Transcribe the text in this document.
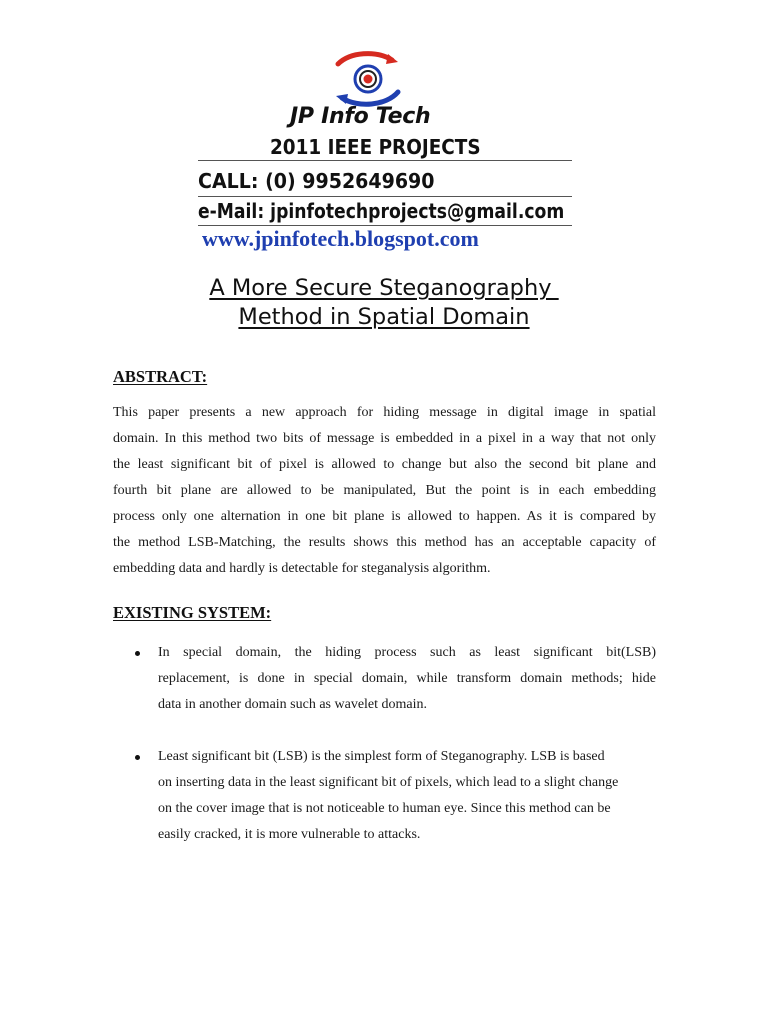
JP Info Tech
2011 IEEE PROJECTS
CALL: (0) 9952649690
e-Mail: jpinfotechprojects@gmail.com
www.jpinfotech.blogspot.com
A More Secure Steganography
Method in Spatial Domain
ABSTRACT:
This paper presents a new approach for hiding message in digital image in spatial
domain. In this method two bits of message is embedded in a pixel in a way that not only
the least significant bit of pixel is allowed to change but also the second bit plane and
fourth bit plane are allowed to be manipulated, But the point is in each embedding
process only one alternation in one bit plane is allowed to happen. As it is compared by
the method LSB-Matching, the results shows this method has an acceptable capacity of
embedding data and hardly is detectable for steganalysis algorithm.
EXISTING SYSTEM:
In special domain, the hiding process such as least significant bit(LSB)
replacement, is done in special domain, while transform domain methods; hide
data in another domain such as wavelet domain.
Least significant bit (LSB) is the simplest form of Steganography. LSB is based
on inserting data in the least significant bit of pixels, which lead to a slight change
on the cover image that is not noticeable to human eye. Since this method can be
easily cracked, it is more vulnerable to attacks.
